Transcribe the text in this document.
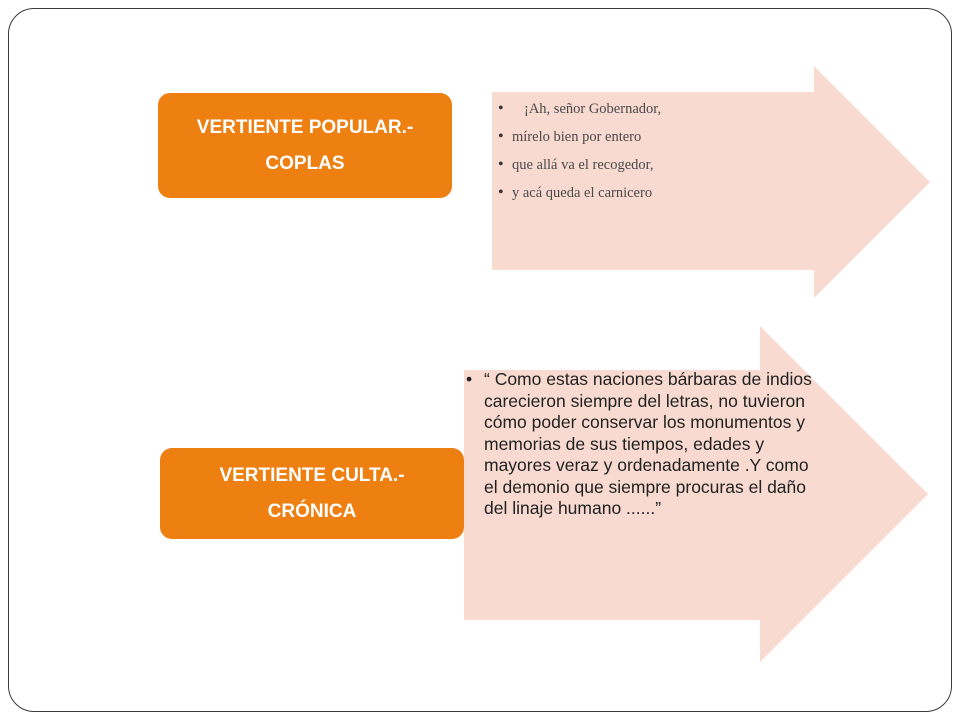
VERTIENTE POPULAR.-
COPLAS
• ¡Ah, señor Gobernador,
• mírelo bien por entero
• que allá va el recogedor,
• y acá queda el carnicero
VERTIENTE CULTA.-
CRÓNICA
• “ Como estas naciones bárbaras de indios carecieron siempre del letras, no tuvieron cómo poder conservar los monumentos y memorias de sus tiempos, edades y mayores veraz y ordenadamente .Y como el demonio que siempre procuras el daño del linaje humano ......”
